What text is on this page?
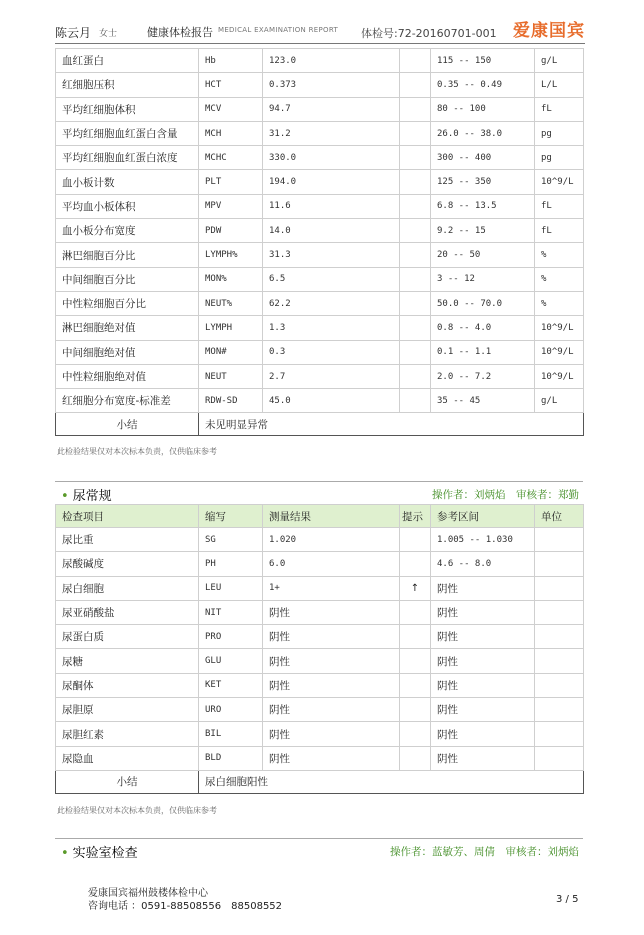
陈云月 女士	健康体检报告 MEDICAL EXAMINATION REPORT 体检号:72-20160701-001 爱康国宾
血红蛋白	Hb	123.0		115 -- 150	g/L
红细胞压积	HCT	0.373		0.35 -- 0.49	L/L
平均红细胞体积	MCV	94.7		80 -- 100	fL
平均红细胞血红蛋白含量	MCH	31.2		26.0 -- 38.0	pg
平均红细胞血红蛋白浓度	MCHC	330.0		300 -- 400	pg
血小板计数	PLT	194.0		125 -- 350	10^9/L
平均血小板体积	MPV	11.6		6.8 -- 13.5	fL
血小板分布宽度	PDW	14.0		9.2 -- 15	fL
淋巴细胞百分比	LYMPH%	31.3		20 -- 50	%
中间细胞百分比	MON%	6.5		3 -- 12	%
中性粒细胞百分比	NEUT%	62.2		50.0 -- 70.0	%
淋巴细胞绝对值	LYMPH	1.3		0.8 -- 4.0	10^9/L
中间细胞绝对值	MON#	0.3		0.1 -- 1.1	10^9/L
中性粒细胞绝对值	NEUT	2.7		2.0 -- 7.2	10^9/L
红细胞分布宽度-标准差	RDW-SD	45.0		35 -- 45	g/L
小结	未见明显异常				
此检验结果仅对本次标本负责，仅供临床参考
• 尿常规	操作者：刘炳焰　审核者：郑勤
检查项目	缩写	测量结果	提示	参考区间	单位
尿比重	SG	1.020		1.005 -- 1.030	
尿酸碱度	PH	6.0		4.6 -- 8.0	
尿白细胞	LEU	1+	↑	阴性	
尿亚硝酸盐	NIT	阴性		阴性	
尿蛋白质	PRO	阴性		阴性	
尿糖	GLU	阴性		阴性	
尿酮体	KET	阴性		阴性	
尿胆原	URO	阴性		阴性	
尿胆红素	BIL	阴性		阴性	
尿隐血	BLD	阴性		阴性	
小结	尿白细胞阳性				
此检验结果仅对本次标本负责，仅供临床参考
• 实验室检查	操作者：蓝敏芳、周倩　审核者：刘炳焰
爱康国宾福州鼓楼体检中心
咨询电话 ：0591-88508556　88508552
3 / 5
